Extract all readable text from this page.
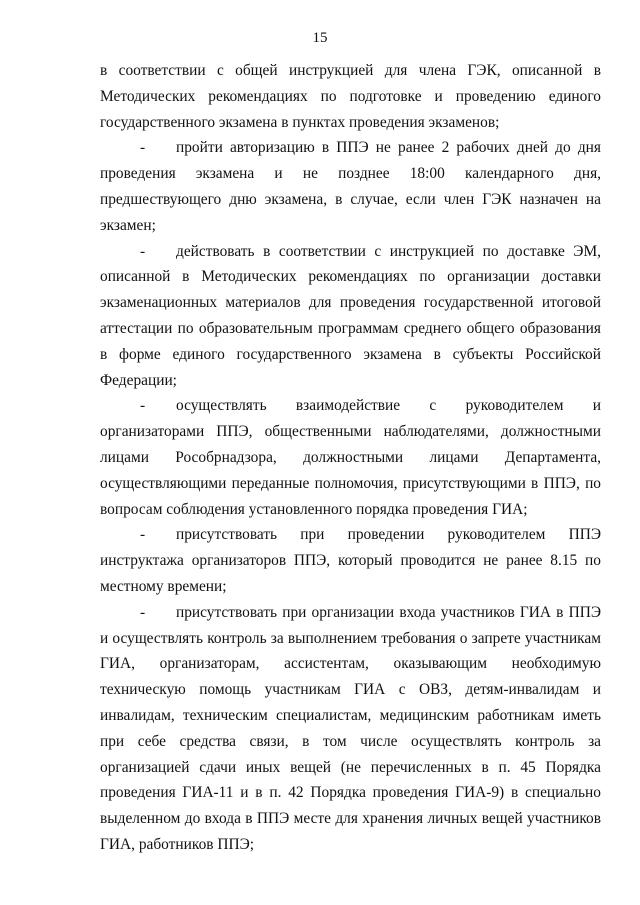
15

в соответствии с общей инструкцией для члена ГЭК, описанной в Методических рекомендациях по подготовке и проведению единого государственного экзамена в пунктах проведения экзаменов;

- пройти авторизацию в ППЭ не ранее 2 рабочих дней до дня проведения экзамена и не позднее 18:00 календарного дня, предшествующего дню экзамена, в случае, если член ГЭК назначен на экзамен;

- действовать в соответствии с инструкцией по доставке ЭМ, описанной в Методических рекомендациях по организации доставки экзаменационных материалов для проведения государственной итоговой аттестации по образовательным программам среднего общего образования в форме единого государственного экзамена в субъекты Российской Федерации;

- осуществлять взаимодействие с руководителем и организаторами ППЭ, общественными наблюдателями, должностными лицами Рособрнадзора, должностными лицами Департамента, осуществляющими переданные полномочия, присутствующими в ППЭ, по вопросам соблюдения установленного порядка проведения ГИА;

- присутствовать при проведении руководителем ППЭ инструктажа организаторов ППЭ, который проводится не ранее 8.15 по местному времени;

- присутствовать при организации входа участников ГИА в ППЭ и осуществлять контроль за выполнением требования о запрете участникам ГИА, организаторам, ассистентам, оказывающим необходимую техническую помощь участникам ГИА с ОВЗ, детям-инвалидам и инвалидам, техническим специалистам, медицинским работникам иметь при себе средства связи, в том числе осуществлять контроль за организацией сдачи иных вещей (не перечисленных в п. 45 Порядка проведения ГИА-11 и в п. 42 Порядка проведения ГИА-9) в специально выделенном до входа в ППЭ месте для хранения личных вещей участников ГИА, работников ППЭ;
